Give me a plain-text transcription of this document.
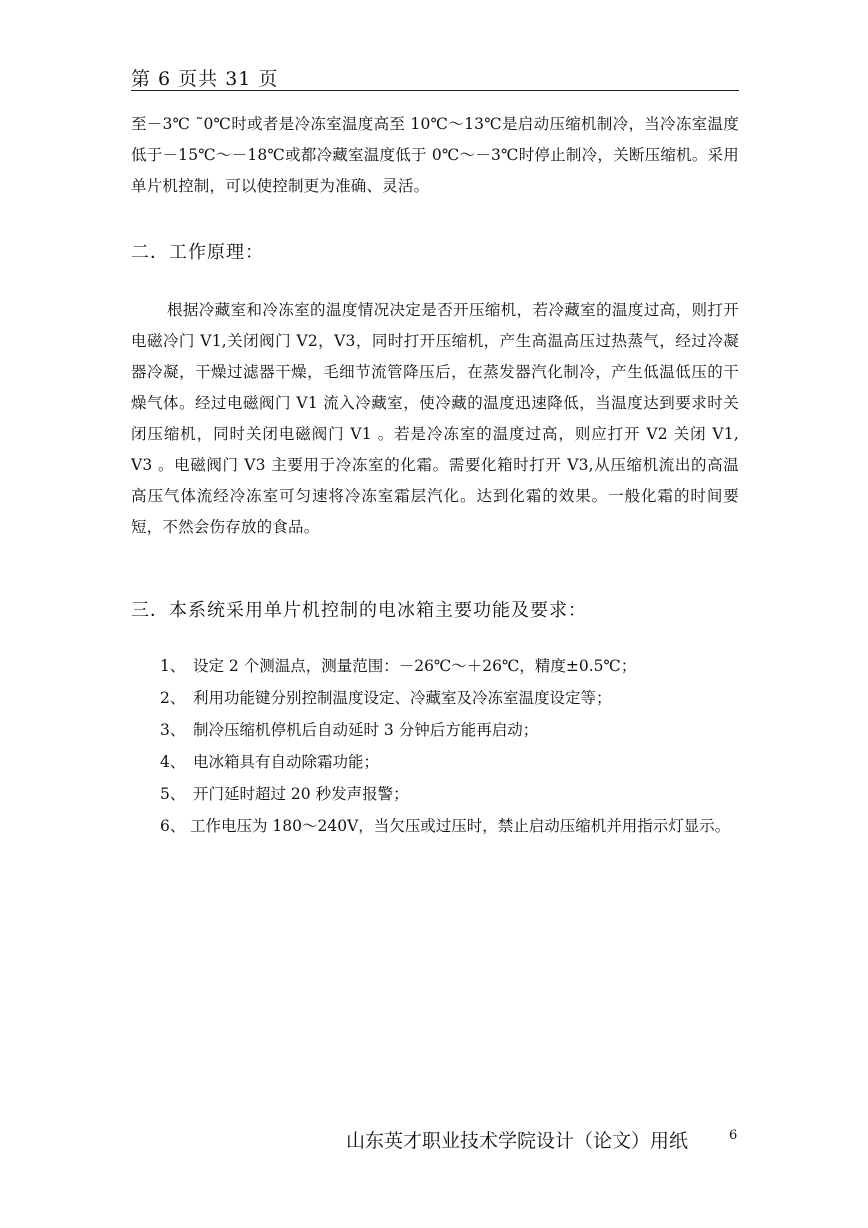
第 6 页共 31 页
至－3℃ ˜0℃时或者是冷冻室温度高至 10℃～13℃是启动压缩机制冷，当冷冻室温度低于－15℃～－18℃或都冷藏室温度低于 0℃～－3℃时停止制冷，关断压缩机。采用单片机控制，可以使控制更为准确、灵活。
二．工作原理：
根据冷藏室和冷冻室的温度情况决定是否开压缩机，若冷藏室的温度过高，则打开电磁冷门 V1,关闭阀门 V2，V3，同时打开压缩机，产生高温高压过热蒸气，经过冷凝器冷凝，干燥过滤器干燥，毛细节流管降压后，在蒸发器汽化制冷，产生低温低压的干燥气体。经过电磁阀门 V1 流入冷藏室，使冷藏的温度迅速降低，当温度达到要求时关闭压缩机，同时关闭电磁阀门 V1 。若是冷冻室的温度过高，则应打开 V2 关闭 V1, V3 。电磁阀门 V3 主要用于冷冻室的化霜。需要化箱时打开 V3,从压缩机流出的高温高压气体流经冷冻室可匀速将冷冻室霜层汽化。达到化霜的效果。一般化霜的时间要短，不然会伤存放的食品。
三．本系统采用单片机控制的电冰箱主要功能及要求：
1、 设定 2 个测温点，测量范围：－26℃～＋26℃，精度±0.5℃；
2、 利用功能键分别控制温度设定、冷藏室及冷冻室温度设定等；
3、 制冷压缩机停机后自动延时 3 分钟后方能再启动；
4、 电冰箱具有自动除霜功能；
5、 开门延时超过 20 秒发声报警；
6、 工作电压为 180～240V，当欠压或过压时，禁止启动压缩机并用指示灯显示。
山东英才职业技术学院设计（论文）用纸	6
